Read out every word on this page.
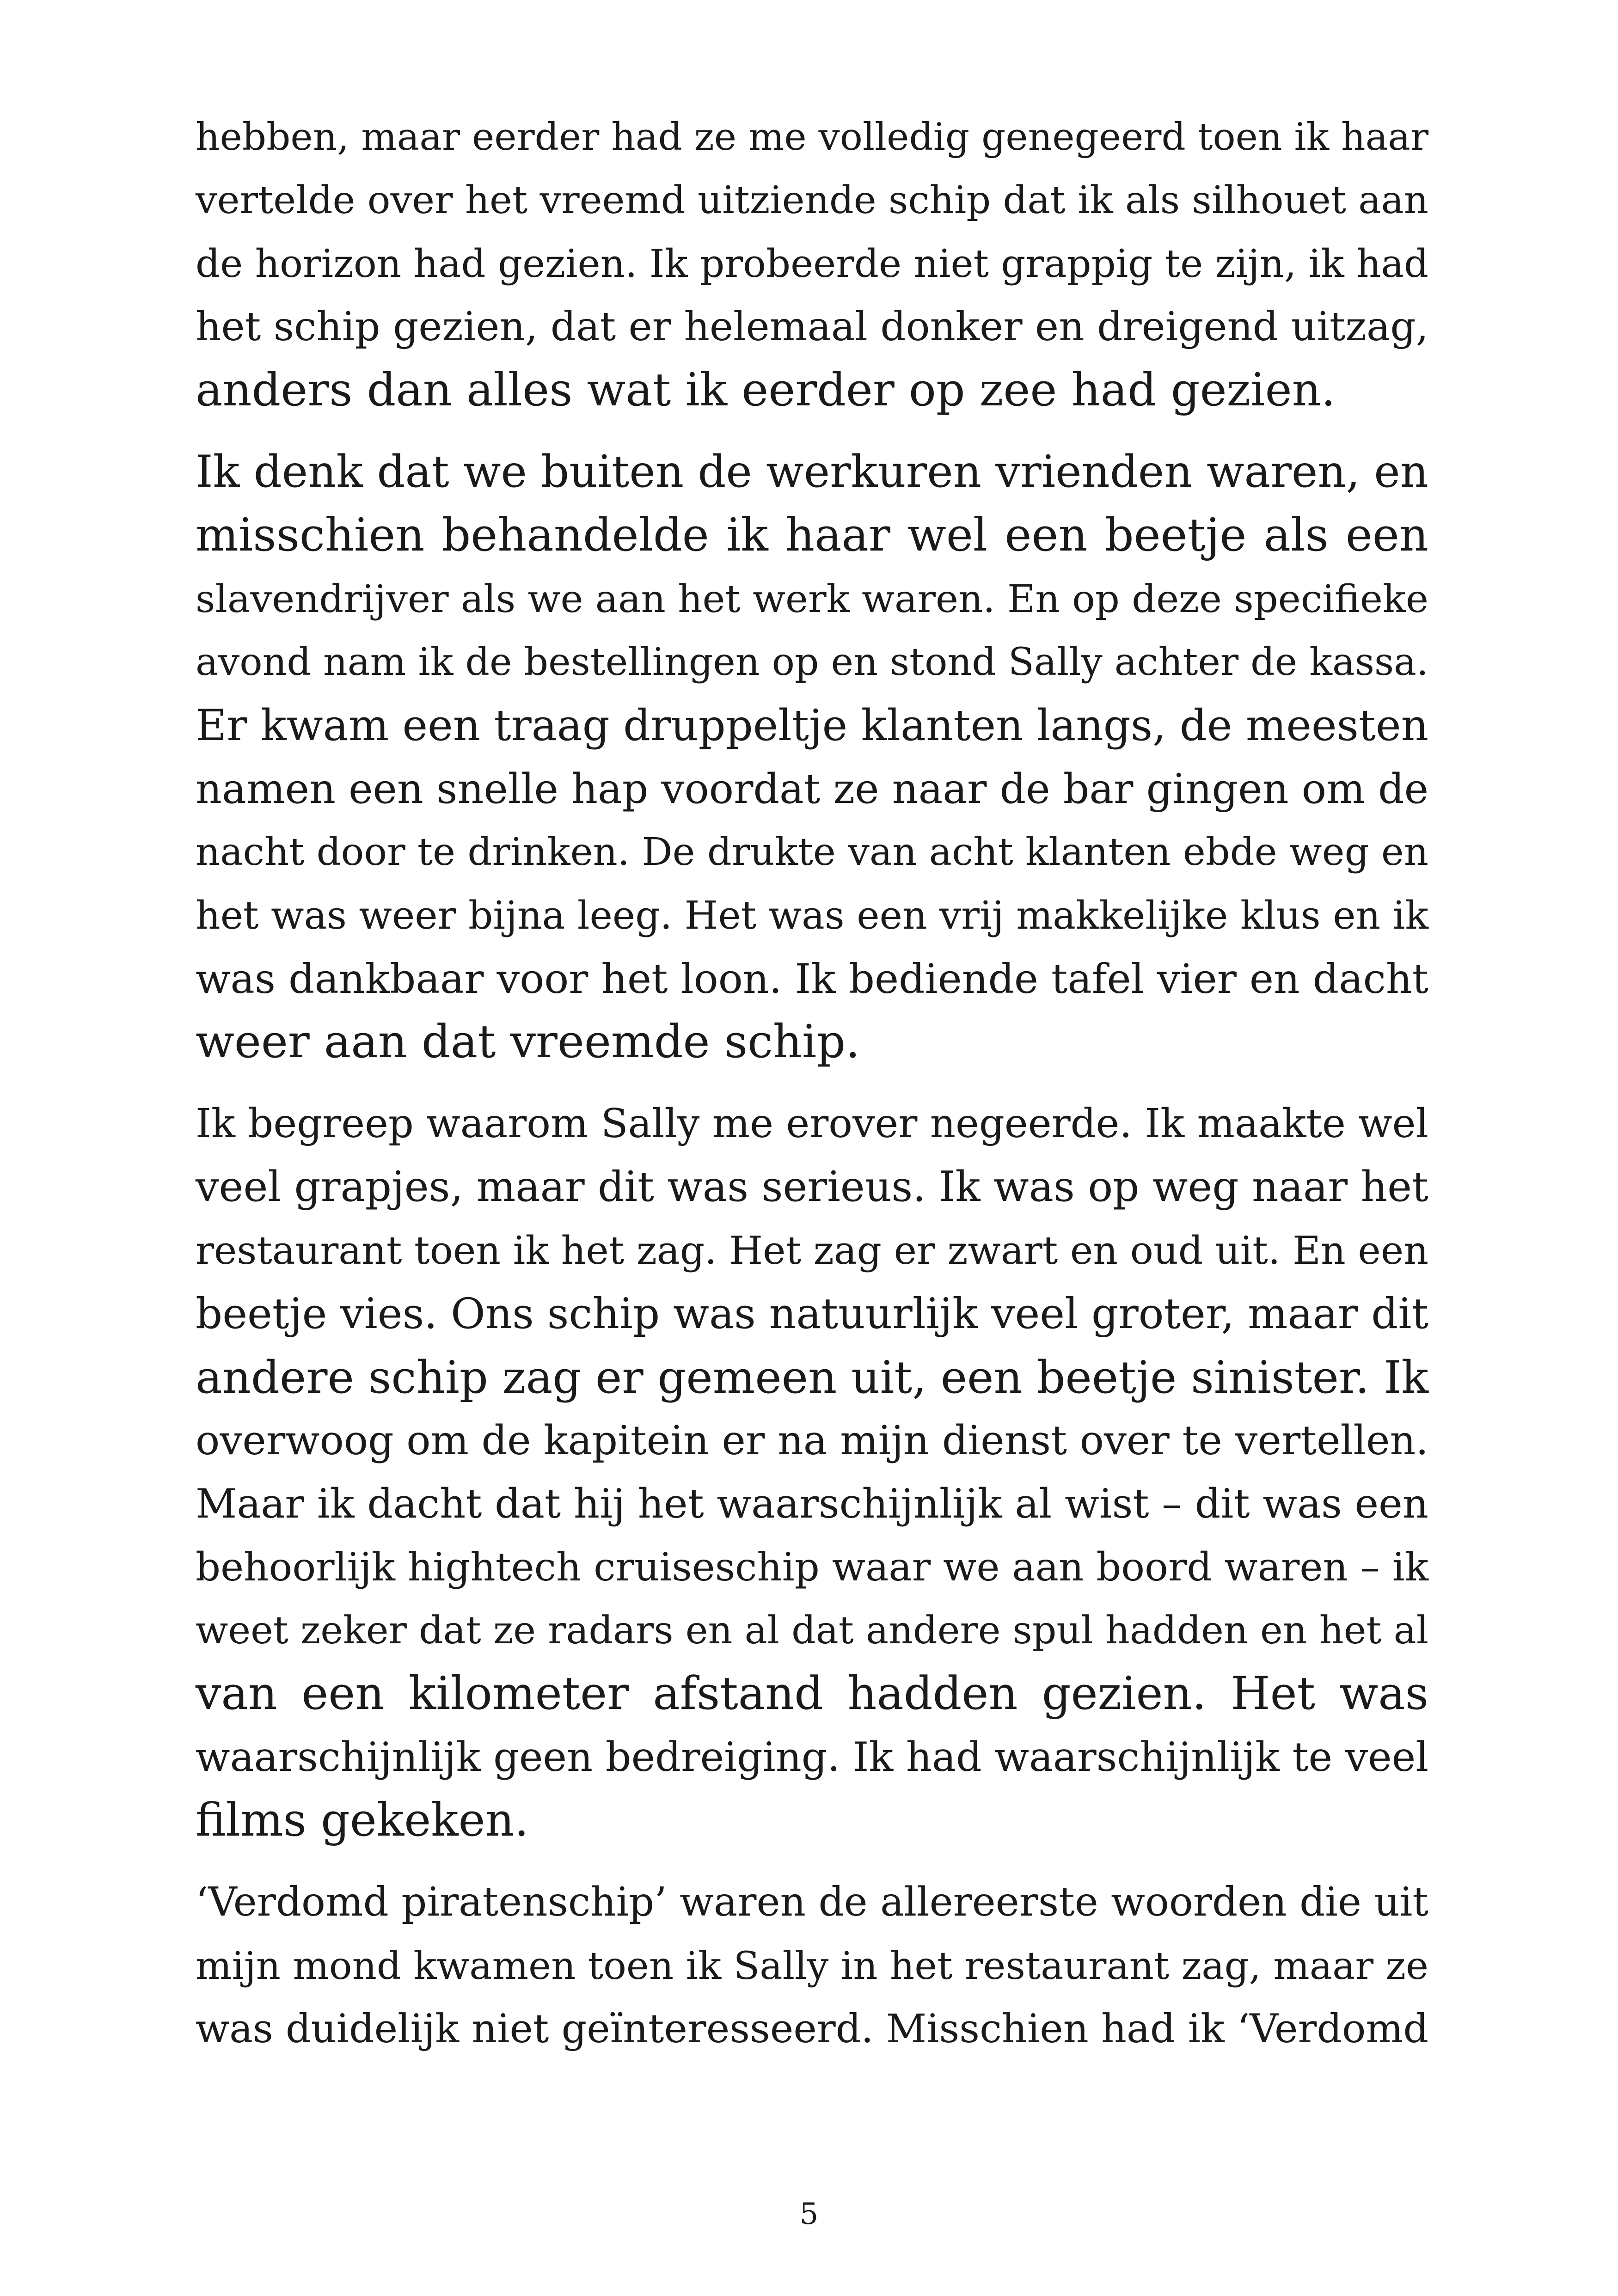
hebben, maar eerder had ze me volledig genegeerd toen ik haar
vertelde over het vreemd uitziende schip dat ik als silhouet aan
de horizon had gezien. Ik probeerde niet grappig te zijn, ik had
het schip gezien, dat er helemaal donker en dreigend uitzag,
anders dan alles wat ik eerder op zee had gezien.

Ik denk dat we buiten de werkuren vrienden waren, en
misschien behandelde ik haar wel een beetje als een
slavendrijver als we aan het werk waren. En op deze specifieke
avond nam ik de bestellingen op en stond Sally achter de kassa.
Er kwam een traag druppeltje klanten langs, de meesten
namen een snelle hap voordat ze naar de bar gingen om de
nacht door te drinken. De drukte van acht klanten ebde weg en
het was weer bijna leeg. Het was een vrij makkelijke klus en ik
was dankbaar voor het loon. Ik bediende tafel vier en dacht
weer aan dat vreemde schip.

Ik begreep waarom Sally me erover negeerde. Ik maakte wel
veel grapjes, maar dit was serieus. Ik was op weg naar het
restaurant toen ik het zag. Het zag er zwart en oud uit. En een
beetje vies. Ons schip was natuurlijk veel groter, maar dit
andere schip zag er gemeen uit, een beetje sinister. Ik
overwoog om de kapitein er na mijn dienst over te vertellen.
Maar ik dacht dat hij het waarschijnlijk al wist – dit was een
behoorlijk hightech cruiseschip waar we aan boord waren – ik
weet zeker dat ze radars en al dat andere spul hadden en het al
van een kilometer afstand hadden gezien. Het was
waarschijnlijk geen bedreiging. Ik had waarschijnlijk te veel
films gekeken.

‘Verdomd piratenschip’ waren de allereerste woorden die uit
mijn mond kwamen toen ik Sally in het restaurant zag, maar ze
was duidelijk niet geïnteresseerd. Misschien had ik ‘Verdomd

5
